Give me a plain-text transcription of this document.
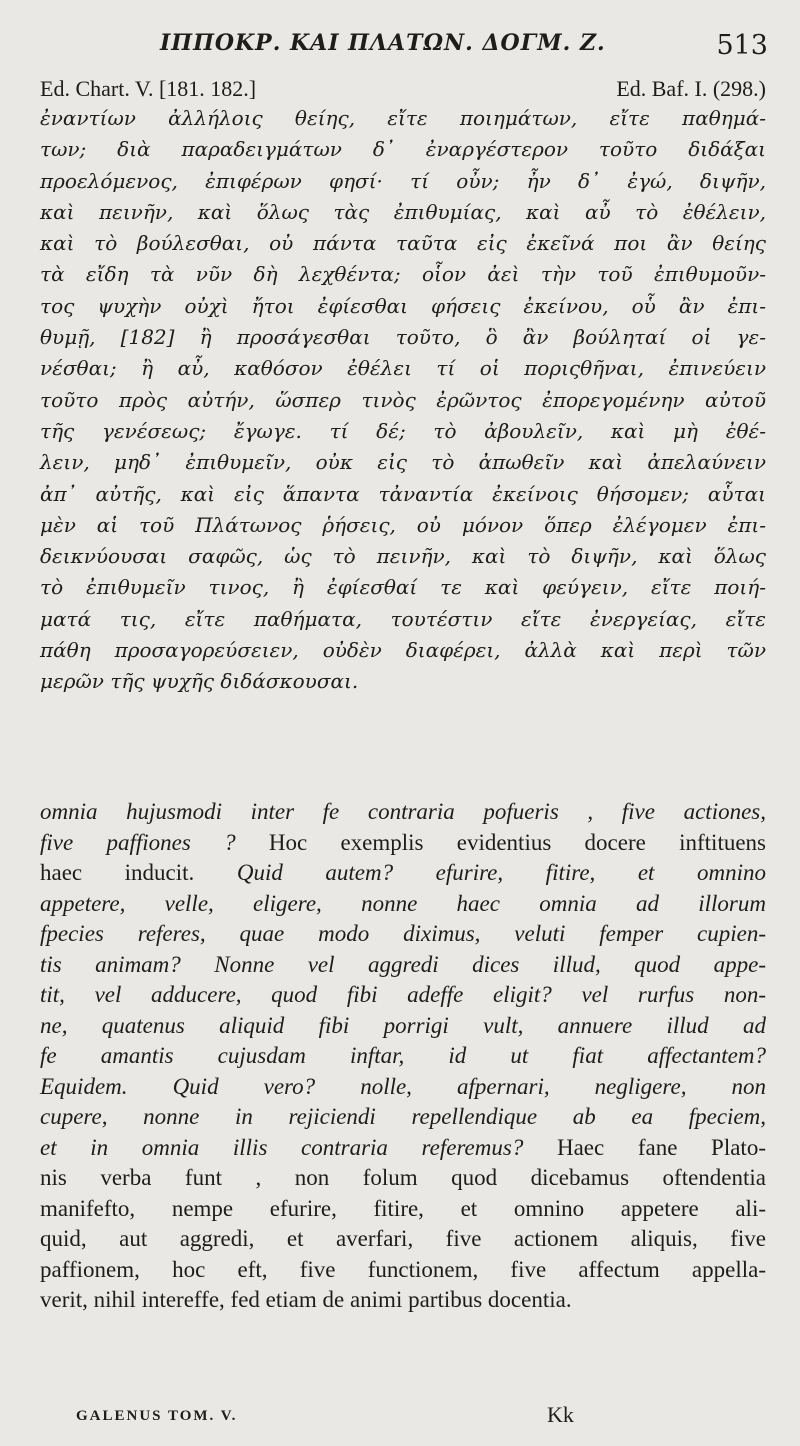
ΙΠΠΟΚΡ. ΚΑΙ ΠΛΑΤΩΝ. ΔΟΓΜ. Ζ.	513
Ed. Chart. V. [181. 182.]	Ed. Baf. I. (298.)
ἐναντίων ἀλλήλοις θείης, εἴτε ποιημάτων, εἴτε παθημά-
των; διὰ παραδειγμάτων δ᾽ ἐναργέστερον τοῦτο διδάξαι
προελόμενος, ἐπιφέρων φησί· τί οὖν; ἦν δ᾽ ἐγώ, διψῆν,
καὶ πεινῆν, καὶ ὅλως τὰς ἐπιθυμίας, καὶ αὖ τὸ ἐθέλειν,
καὶ τὸ βούλεσθαι, οὐ πάντα ταῦτα εἰς ἐκεῖνά ποι ἂν θείης
τὰ εἴδη τὰ νῦν δὴ λεχθέντα; οἷον ἀεὶ τὴν τοῦ ἐπιθυμοῦν-
τος ψυχὴν οὐχὶ ἤτοι ἐφίεσθαι φήσεις ἐκείνου, οὗ ἂν ἐπι-
θυμῇ, [182] ἢ προσάγεσθαι τοῦτο, ὃ ἂν βούληταί οἱ γε-
νέσθαι; ἢ αὖ, καθόσον ἐθέλει τί οἱ ποριςθῆναι, ἐπινεύειν
τοῦτο πρὸς αὐτήν, ὥσπερ τινὸς ἐρῶντος ἐπορεγομένην αὐτοῦ
τῆς γενέσεως; ἔγωγε. τί δέ; τὸ ἀβουλεῖν, καὶ μὴ ἐθέ-
λειν, μηδ᾽ ἐπιθυμεῖν, οὐκ εἰς τὸ ἀπωθεῖν καὶ ἀπελαύνειν
ἀπ᾽ αὐτῆς, καὶ εἰς ἅπαντα τἀναντία ἐκείνοις θήσομεν; αὗται
μὲν αἱ τοῦ Πλάτωνος ῥήσεις, οὐ μόνον ὅπερ ἐλέγομεν ἐπι-
δεικνύουσαι σαφῶς, ὡς τὸ πεινῆν, καὶ τὸ διψῆν, καὶ ὅλως
τὸ ἐπιθυμεῖν τινος, ἢ ἐφίεσθαί τε καὶ φεύγειν, εἴτε ποιή-
ματά τις, εἴτε παθήματα, τουτέστιν εἴτε ἐνεργείας, εἴτε
πάθη προσαγορεύσειεν, οὐδὲν διαφέρει, ἀλλὰ καὶ περὶ τῶν
μερῶν τῆς ψυχῆς διδάσκουσαι.
omnia hujusmodi inter fe contraria pofueris , five actiones,
five paffiones ? Hoc exemplis evidentius docere inftituens
haec inducit. Quid autem? efurire, fitire, et omnino
appetere, velle, eligere, nonne haec omnia ad illorum
fpecies referes, quae modo diximus, veluti femper cupien-
tis animam? Nonne vel aggredi dices illud, quod appe-
tit, vel adducere, quod fibi adeffe eligit? vel rurfus non-
ne, quatenus aliquid fibi porrigi vult, annuere illud ad
fe amantis cujusdam inftar, id ut fiat affectantem?
Equidem. Quid vero? nolle, afpernari, negligere, non
cupere, nonne in rejiciendi repellendique ab ea fpeciem,
et in omnia illis contraria referemus? Haec fane Plato-
nis verba funt , non folum quod dicebamus oftendentia
manifefto, nempe efurire, fitire, et omnino appetere ali-
quid, aut aggredi, et averfari, five actionem aliquis, five
paffionem, hoc eft, five functionem, five affectum appella-
verit, nihil intereffe, fed etiam de animi partibus docentia.
GALENUS TOM. V.	Kk
